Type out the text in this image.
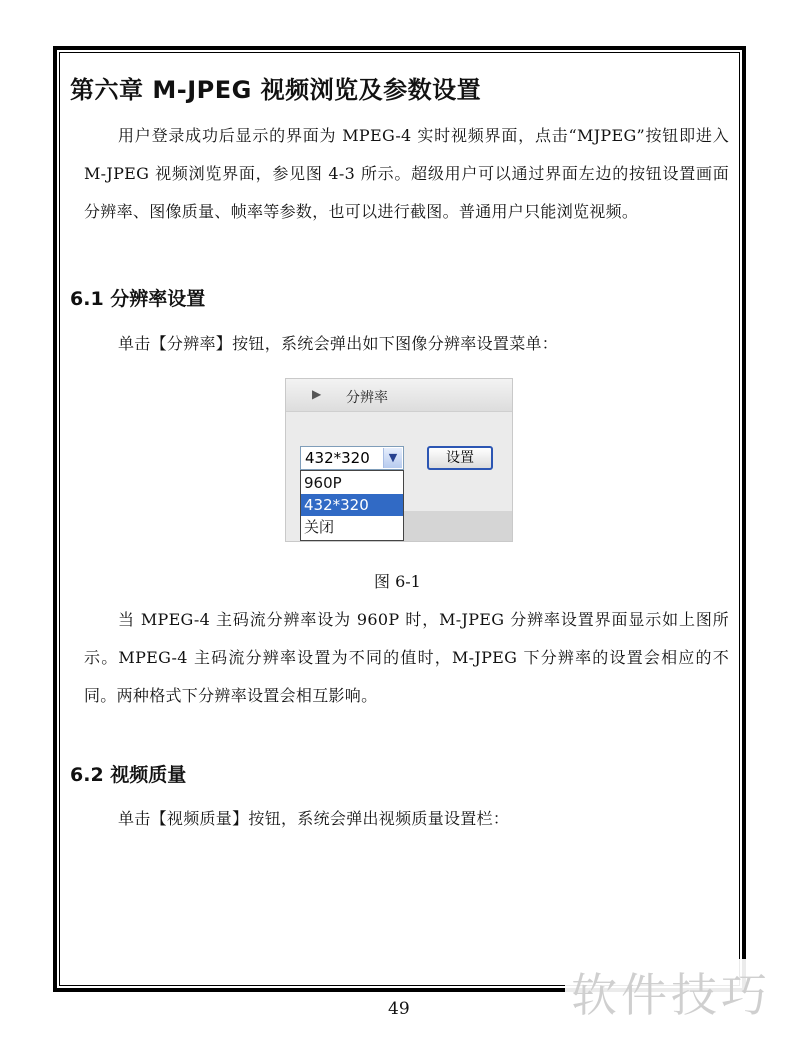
第六章 M-JPEG 视频浏览及参数设置

用户登录成功后显示的界面为 MPEG-4 实时视频界面，点击“MJPEG”按钮即进入 M-JPEG 视频浏览界面，参见图 4-3 所示。超级用户可以通过界面左边的按钮设置画面分辨率、图像质量、帧率等参数，也可以进行截图。普通用户只能浏览视频。

6.1 分辨率设置

单击【分辨率】按钮，系统会弹出如下图像分辨率设置菜单：

▶ 分辨率
432*320	▼	设置
960P
432*320
关闭

图 6-1

当 MPEG-4 主码流分辨率设为 960P 时，M-JPEG 分辨率设置界面显示如上图所示。MPEG-4 主码流分辨率设置为不同的值时，M-JPEG 下分辨率的设置会相应的不同。两种格式下分辨率设置会相互影响。

6.2 视频质量

单击【视频质量】按钮，系统会弹出视频质量设置栏：

49	软件技巧
